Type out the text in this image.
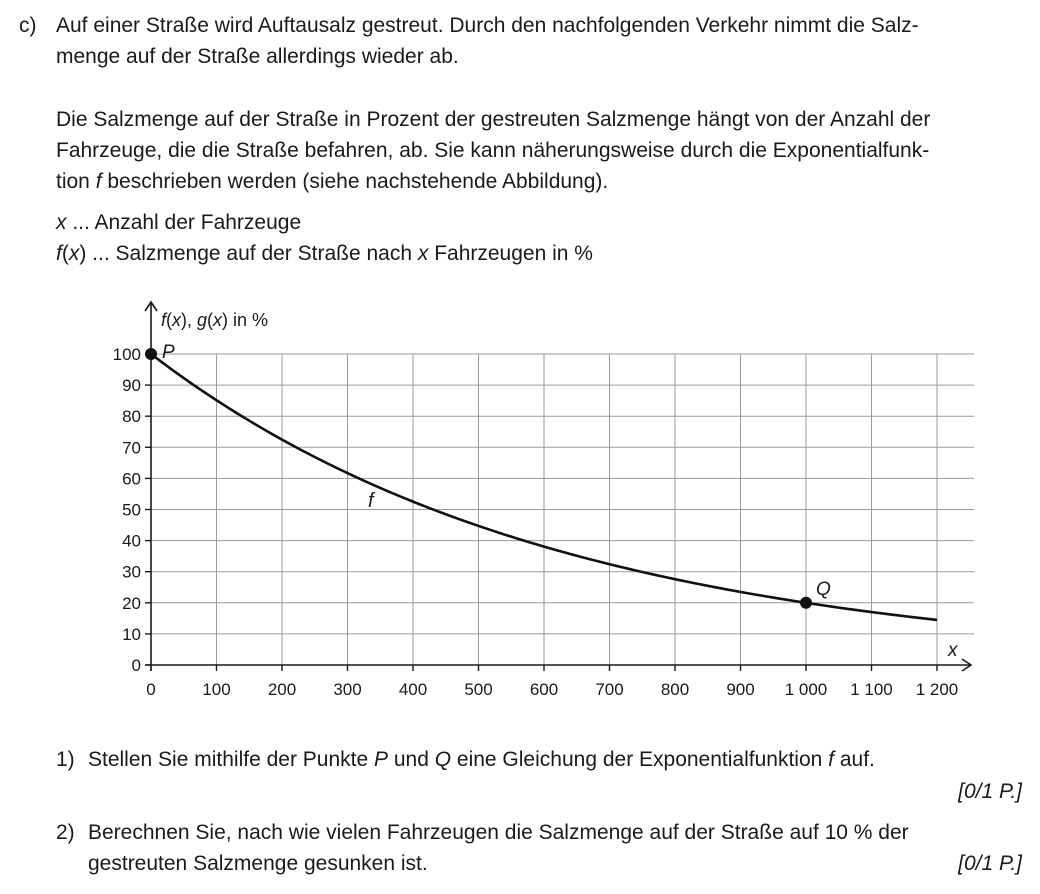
c) Auf einer Straße wird Auftausalz gestreut. Durch den nachfolgenden Verkehr nimmt die Salz-
menge auf der Straße allerdings wieder ab.

Die Salzmenge auf der Straße in Prozent der gestreuten Salzmenge hängt von der Anzahl der
Fahrzeuge, die die Straße befahren, ab. Sie kann näherungsweise durch die Exponentialfunk-
tion f beschrieben werden (siehe nachstehende Abbildung).

x ... Anzahl der Fahrzeuge
f(x) ... Salzmenge auf der Straße nach x Fahrzeugen in %

0
10
20
30
40
50
60
70
80
90
100
0	100 200 300 400 500 600 700 800 900 1 000 1 100 1 200
P
Q
f(x), g(x) in %
x
f
1) Stellen Sie mithilfe der Punkte P und Q eine Gleichung der Exponentialfunktion f auf.
[0/1 P.]
2) Berechnen Sie, nach wie vielen Fahrzeugen die Salzmenge auf der Straße auf 10 % der
gestreuten Salzmenge gesunken ist.	[0/1 P.]
